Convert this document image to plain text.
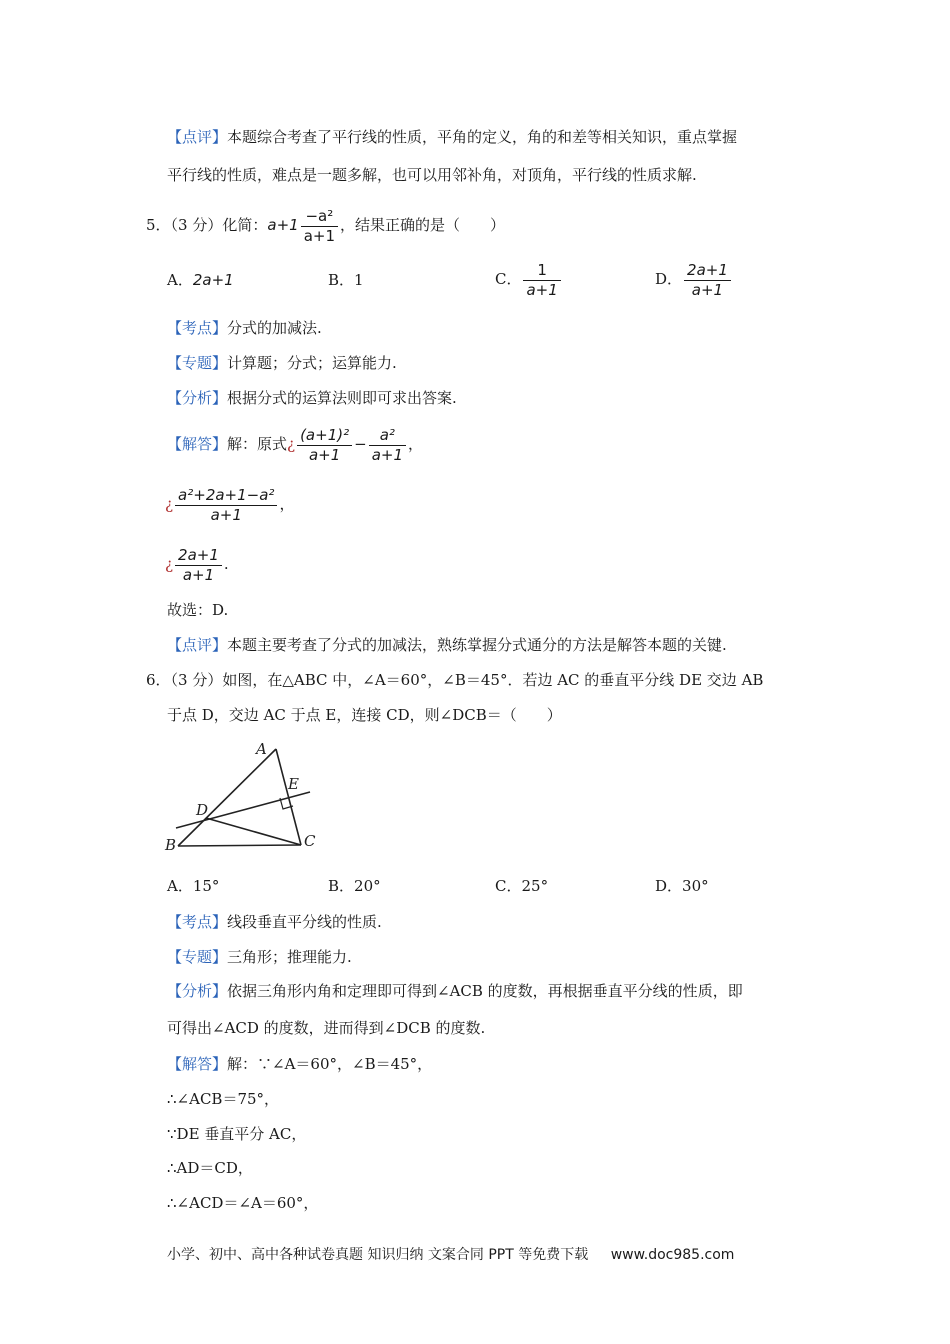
【点评】本题综合考查了平行线的性质，平角的定义，角的和差等相关知识，重点掌握
平行线的性质，难点是一题多解，也可以用邻补角，对顶角，平行线的性质求解.
5．（3 分）化简：$a+1 \frac{\text{−a²}}{a+1}$ ，结果正确的是（　　）
A．2a+1	B．1	C． $\frac{1}{a+1}$	D． $\frac{2a+1}{a+1}$
【考点】分式的加减法.
【专题】计算题；分式；运算能力.
【分析】根据分式的运算法则即可求出答案.
【解答】解：原式¿ $\frac{\text{(a+1)²}}{a+1} - \frac{\text{a²}}{a+1}$ ，
¿ $\frac{\text{a²+2a+1−a²}}{a+1}$ ，
¿ $\frac{2a+1}{a+1}$ .
故选：D.
【点评】本题主要考查了分式的加减法，熟练掌握分式通分的方法是解答本题的关键.
6．（3 分）如图，在△ABC 中，∠A＝60°，∠B＝45°．若边 AC 的垂直平分线 DE 交边 AB
于点 D，交边 AC 于点 E，连接 CD，则∠DCB＝（　　）
A
E
D
B	C
A．15°	B．20°	C．25°	D．30°
【考点】线段垂直平分线的性质.
【专题】三角形；推理能力.
【分析】依据三角形内角和定理即可得到∠ACB 的度数，再根据垂直平分线的性质，即
可得出∠ACD 的度数，进而得到∠DCB 的度数.
【解答】解：∵∠A＝60°，∠B＝45°，
∴∠ACB＝75°，
∵DE 垂直平分 AC，
∴AD＝CD，
∴∠ACD＝∠A＝60°，
小学、初中、高中各种试卷真题 知识归纳 文案合同 PPT 等免费下载 www.doc985.com
